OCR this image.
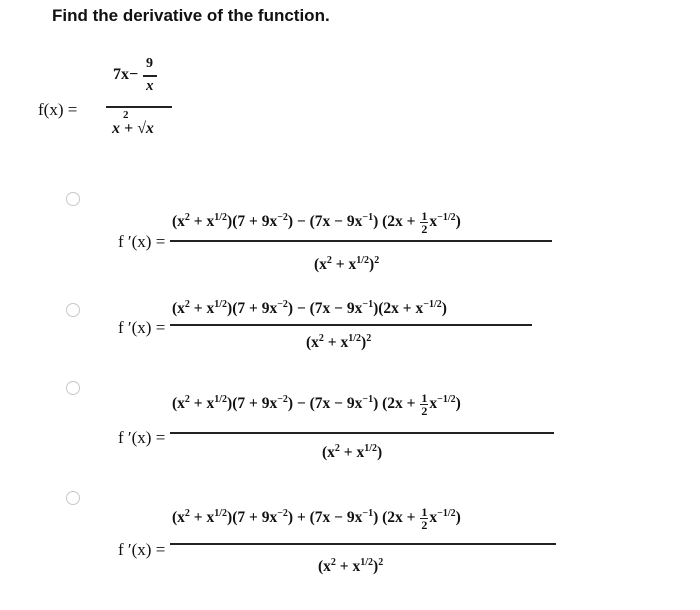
Find the derivative of the function.
f(x) =
9
7x−
x
2
x + √x
f ′(x) =
$(x^2 + x^{1/2})(7 + 9x^{-2}) - (7x - 9x^{-1}) (2x + \frac{1}{2} x^{-1/2})$
$(x^2 + x^{1/2})^2$
f ′(x) =
$(x^2 + x^{1/2})(7 + 9x^{-2}) - (7x - 9x^{-1})(2x + x^{-1/2})$
$(x^2 + x^{1/2})^2$
f ′(x) =
$(x^2 + x^{1/2})(7 + 9x^{-2}) - (7x - 9x^{-1}) (2x + \frac{1}{2} x^{-1/2})$
$(x^2 + x^{1/2})$
f ′(x) =
$(x^2 + x^{1/2})(7 + 9x^{-2}) + (7x - 9x^{-1}) (2x + \frac{1}{2} x^{-1/2})$
$(x^2 + x^{1/2})^2$
